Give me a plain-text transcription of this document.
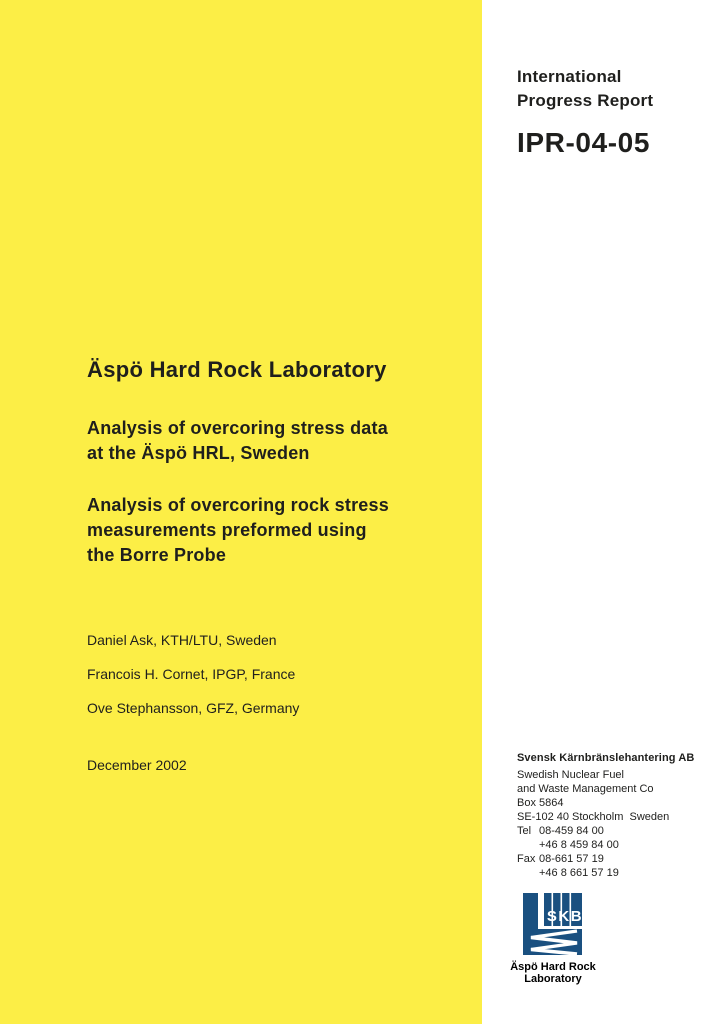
International
Progress Report
IPR-04-05
Äspö Hard Rock Laboratory
Analysis of overcoring stress data
at the Äspö HRL, Sweden
Analysis of overcoring rock stress
measurements preformed using
the Borre Probe
Daniel Ask, KTH/LTU, Sweden
Francois H. Cornet, IPGP, France
Ove Stephansson, GFZ, Germany
December 2002	Svensk Kärnbränslehantering AB
Swedish Nuclear Fuel
and Waste Management Co
Box 5864
SE-102 40 Stockholm  Sweden
Tel 08-459 84 00
+46 8 459 84 00
Fax 08-661 57 19
+46 8 661 57 19
SKB
Äspö Hard Rock
Laboratory
